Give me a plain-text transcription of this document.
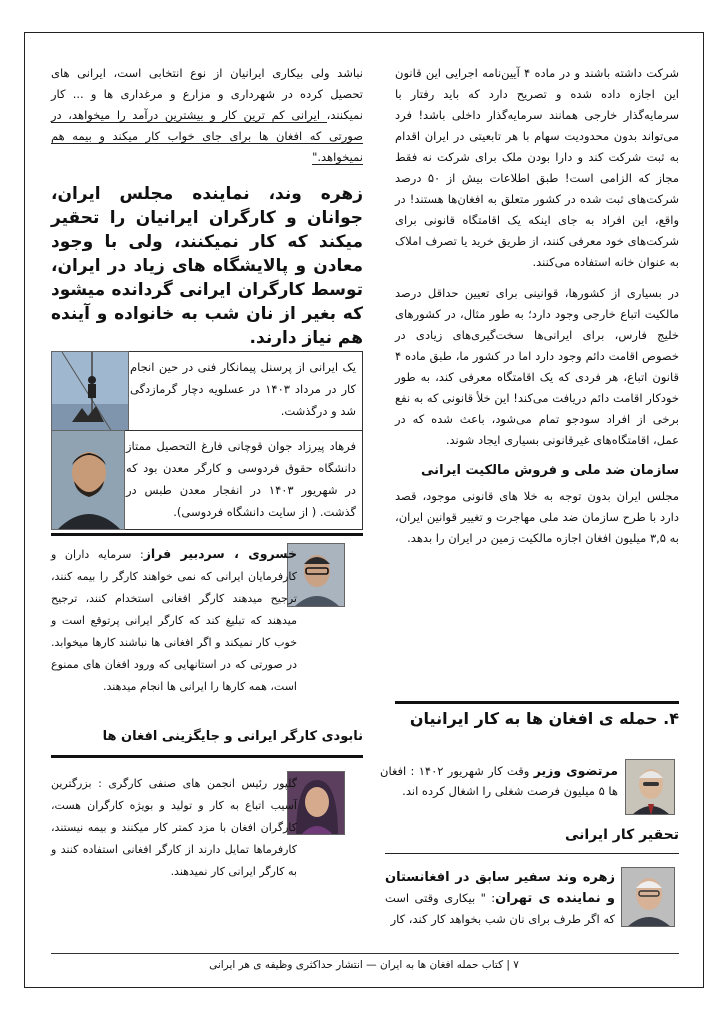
شرکت داشته باشند و در ماده ۴ آیین‌نامه اجرایی این قانون این اجازه داده شده و تصریح دارد که باید رفتار با سرمایه‌گذار خارجی همانند سرمایه‌گذار داخلی باشد! فرد می‌تواند بدون محدودیت سهام با هر تابعیتی در ایران اقدام به ثبت شرکت کند و دارا بودن ملک برای شرکت نه فقط مجاز که الزامی است! طبق اطلاعات بیش از ۵۰ درصد شرکت‌های ثبت شده در کشور متعلق به افغان‌ها هستند! در واقع، این افراد به جای اینکه یک اقامتگاه قانونی برای شرکت‌های خود معرفی کنند، از طریق خرید یا تصرف املاک به عنوان خانه استفاده می‌کنند.

در بسیاری از کشورها، قوانینی برای تعیین حداقل درصد مالکیت اتباع خارجی وجود دارد؛ به طور مثال، در کشورهای خلیج فارس، برای ایرانی‌ها سخت‌گیری‌های زیادی در خصوص اقامت دائم وجود دارد اما در کشور ما، طبق ماده ۴ قانون اتباع، هر فردی که یک اقامتگاه معرفی کند، به طور خودکار اقامت دائم دریافت می‌کند! این خلأ قانونی که به نفع برخی از افراد سودجو تمام می‌شود، باعث شده که در عمل، اقامتگاه‌های غیرقانونی بسیاری ایجاد شوند.

سازمان ضد ملی و فروش مالکیت ایرانی

مجلس ایران بدون توجه به خلا های قانونی موجود، قصد دارد با طرح سازمان ضد ملی مهاجرت و تغییر قوانین ایران، به ۳,۵ میلیون افغان اجازه مالکیت زمین در ایران را بدهد.

۴. حمله ی افغان ها به کار ایرانیان

مرتضوی وزیر وقت کار شهریور ۱۴۰۲ : افغان ها ۵ میلیون فرصت شغلی را اشغال کرده اند.

تحقیر کار ایرانی

زهره وند سفیر سابق در افغانستان و نماینده ی تهران: " بیکاری وقتی است که اگر طرف برای نان شب بخواهد کار کند، کار

نباشد ولی بیکاری ایرانیان از نوع انتخابی است، ایرانی های تحصیل کرده در شهرداری و مزارع و مرغداری ها و ... کار نمیکنند، ایرانی کم ترین کار و بیشترین درآمد را میخواهد، در صورتی که افغان ها برای جای خواب کار میکند و بیمه هم نمیخواهد."

زهره وند، نماینده مجلس ایران، جوانان و کارگران ایرانیان را تحقیر میکند که کار نمیکنند، ولی با وجود معادن و پالایشگاه های زیاد در ایران، توسط کارگران ایرانی گردانده میشود که بغیر از نان شب به خانواده و آینده هم نیاز دارند.

یک ایرانی از پرسنل پیمانکار فنی در حین انجام کار در مرداد ۱۴۰۳ در عسلویه دچار گرمازدگی شد و درگذشت.

فرهاد پیرزاد جوان قوچانی فارغ التحصیل ممتاز دانشگاه حقوق فردوسی و کارگر معدن بود که در شهریور ۱۴۰۳ در انفجار معدن طبس در گذشت. ( از سایت دانشگاه فردوسی).

خسروی ، سردبیر فراز: سرمایه داران و کارفرمایان ایرانی که نمی خواهند کارگر را بیمه کنند، ترجیح میدهند کارگر افغانی استخدام کنند، ترجیح میدهند که تبلیغ کند که کارگر ایرانی پرتوقع است و خوب کار نمیکند و اگر افغانی ها نباشند کارها میخوابد. در صورتی که در استانهایی که ورود افغان های ممنوع است، همه کارها را ایرانی ها انجام میدهند.

نابودی کارگر ایرانی و جایگزینی افغان ها

گلپور رئیس انجمن های صنفی کارگری : بزرگترین آسیب اتباع به کار و تولید و بویژه کارگران هست، کارگران افغان با مزد کمتر کار میکنند و بیمه نیستند، کارفرماها تمایل دارند از کارگر افغانی استفاده کنند و به کارگر ایرانی کار نمیدهند.

۷ | کتاب حمله افغان ها به ایران — انتشار حداکثری وظیفه ی هر ایرانی
